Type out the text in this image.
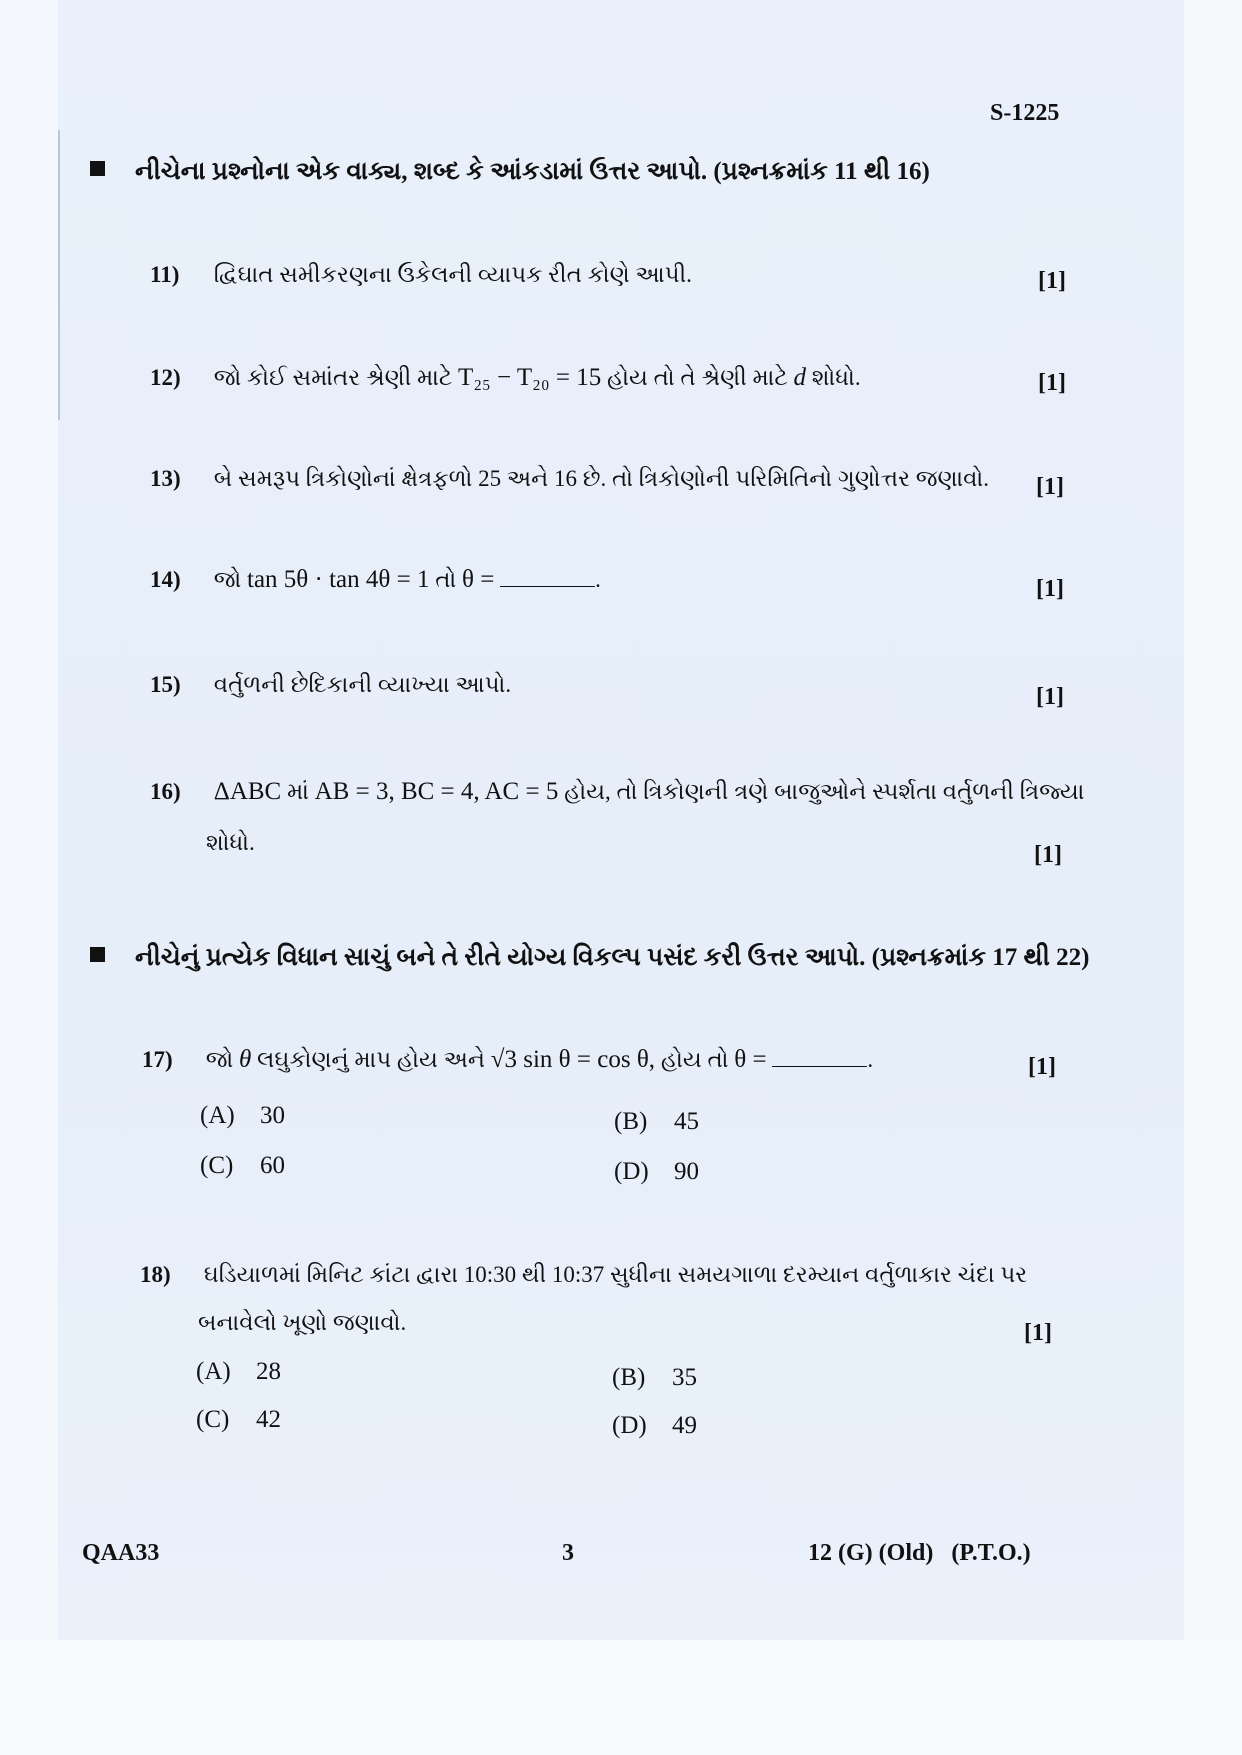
S-1225
નીચેના પ્રશ્નોના એક વાક્ય, શબ્દ કે આંકડામાં ઉત્તર આપો. (પ્રશ્નક્રમાંક 11 થી 16)
11) દ્વિઘાત સમીકરણના ઉકેલની વ્યાપક રીત કોણે આપી.	[1]
12) જો કોઈ સમાંતર શ્રેણી માટે T₂₅ − T₂₀ = 15 હોય તો તે શ્રેણી માટે d શોધો.	[1]
13) બે સમરૂપ ત્રિકોણોનાં ક્ષેત્રફળો 25 અને 16 છે. તો ત્રિકોણોની પરિમિતિનો ગુણોત્તર જણાવો. [1]
14) જો tan 5θ · tan 4θ = 1 તો θ =	.	[1]
15) વર્તુળની છેદિકાની વ્યાખ્યા આપો.	[1]
16) ΔABC માં AB = 3, BC = 4, AC = 5 હોય, તો ત્રિકોણની ત્રણે બાજુઓને સ્પર્શતા વર્તુળની ત્રિજ્યા
શોધો.	[1]
નીચેનું પ્રત્યેક વિધાન સાચું બને તે રીતે યોગ્ય વિકલ્પ પસંદ કરી ઉત્તર આપો. (પ્રશ્નક્રમાંક 17 થી 22)
17) જો θ લઘુકોણનું માપ હોય અને √3 sin θ = cos θ, હોય તો θ =	.	[1]
(A) 30	(B) 45
(C) 60	(D) 90
18) ઘડિયાળમાં મિનિટ કાંટા દ્વારા 10:30 થી 10:37 સુધીના સમયગાળા દરમ્યાન વર્તુળાકાર ચંદા પર
બનાવેલો ખૂણો જણાવો.	[1]
(A) 28	(B) 35
(C) 42	(D) 49
QAA33	3	12 (G) (Old)   (P.T.O.)
